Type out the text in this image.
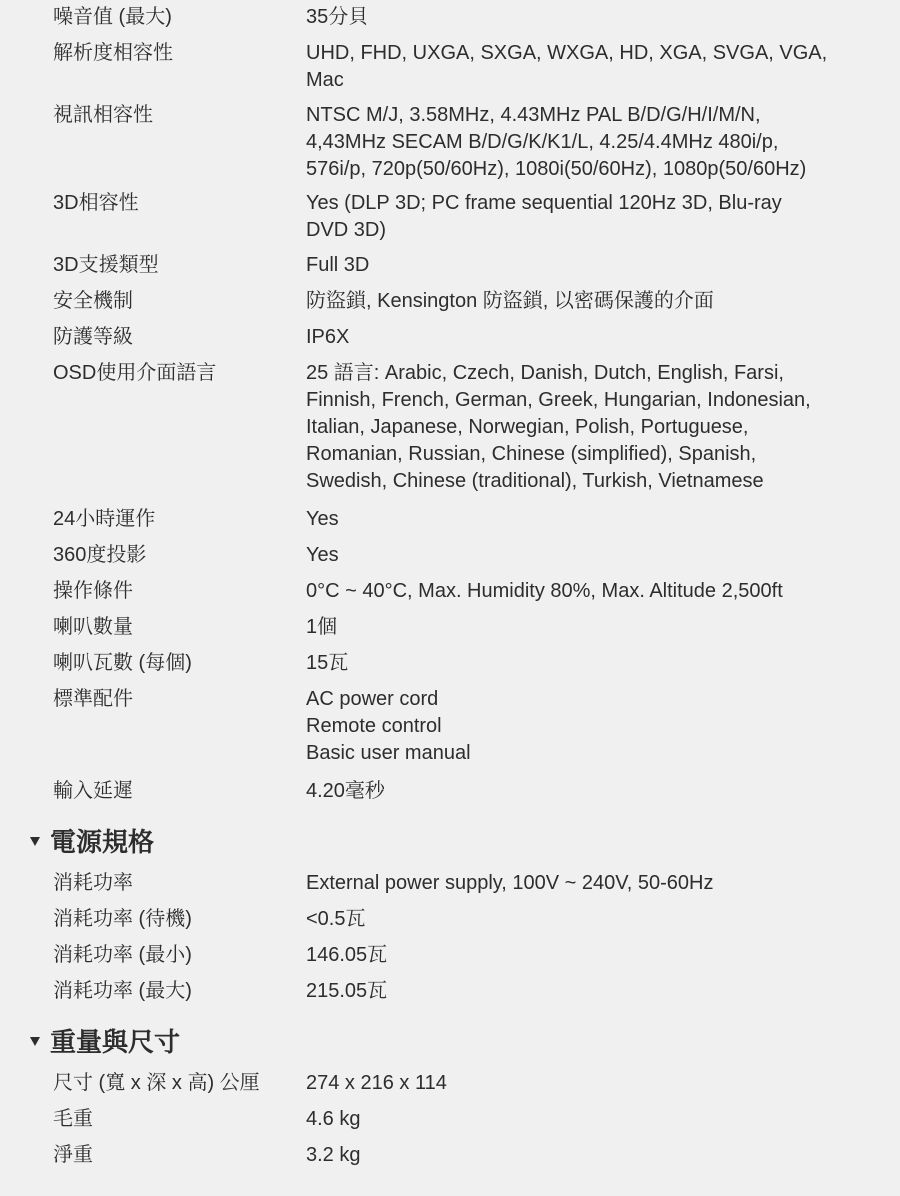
噪音值 (最大)	35分貝
解析度相容性	UHD, FHD, UXGA, SXGA, WXGA, HD, XGA, SVGA, VGA,
Mac
視訊相容性	NTSC M/J, 3.58MHz, 4.43MHz PAL B/D/G/H/I/M/N,
4,43MHz SECAM B/D/G/K/K1/L, 4.25/4.4MHz 480i/p,
576i/p, 720p(50/60Hz), 1080i(50/60Hz), 1080p(50/60Hz)
3D相容性	Yes (DLP 3D; PC frame sequential 120Hz 3D, Blu-ray
DVD 3D)
3D支援類型	Full 3D
安全機制	防盜鎖, Kensington 防盜鎖, 以密碼保護的介面
防護等級	IP6X
OSD使用介面語言	25 語言: Arabic, Czech, Danish, Dutch, English, Farsi,
Finnish, French, German, Greek, Hungarian, Indonesian,
Italian, Japanese, Norwegian, Polish, Portuguese,
Romanian, Russian, Chinese (simplified), Spanish,
Swedish, Chinese (traditional), Turkish, Vietnamese
24小時運作	Yes
360度投影	Yes
操作條件	0°C ~ 40°C, Max. Humidity 80%, Max. Altitude 2,500ft
喇叭數量	1個
喇叭瓦數 (每個)	15瓦
標準配件	AC power cord
Remote control
Basic user manual
輸入延遲	4.20毫秒
電源規格
消耗功率	External power supply, 100V ~ 240V, 50-60Hz
消耗功率 (待機)	<0.5瓦
消耗功率 (最小)	146.05瓦
消耗功率 (最大)	215.05瓦
重量與尺寸
尺寸 (寬 x 深 x 高) 公厘 274 x 216 x 114
毛重	4.6 kg
淨重	3.2 kg
